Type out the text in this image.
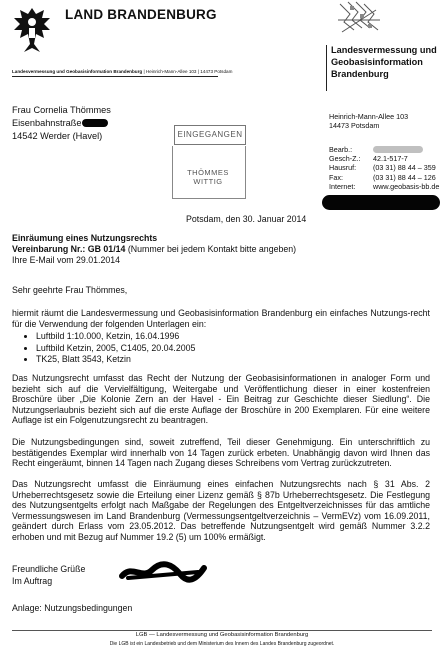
LAND BRANDENBURG
Landesvermessung und
Geobasisinformation
Brandenburg
Landesvermessung und Geobasisinformation Brandenburg | Heinrich-Mann-Allee 103 | 14473 Potsdam
Frau Cornelia Thömmes
Eisenbahnstraße
14542 Werder (Havel)	EINGEGANGEN
THÖMMES
WITTIG
Heinrich-Mann-Allee 103
14473 Potsdam
Bearb.:
Gesch-Z.:	42.1-517-7
Hausruf:	(03 31) 88 44 – 359
Fax:	(03 31) 88 44 – 126
Internet:	www.geobasis-bb.de
Potsdam, den 30. Januar 2014
Einräumung eines Nutzungsrechts
Vereinbarung Nr.: GB 01/14 (Nummer bei jedem Kontakt bitte angeben)
Ihre E-Mail vom 29.01.2014
Sehr geehrte Frau Thömmes,
hiermit räumt die Landesvermessung und Geobasisinformation Brandenburg ein einfaches Nutzungs-recht für die Verwendung der folgenden Unterlagen ein:
• Luftbild 1:10.000, Ketzin, 16.04.1996
• Luftbild Ketzin, 2005, C1405, 20.04.2005
• TK25, Blatt 3543, Ketzin
Das Nutzungsrecht umfasst das Recht der Nutzung der Geobasisinformationen in analoger Form und bezieht sich auf die Vervielfältigung, Weitergabe und Veröffentlichung dieser in einer kostenfreien Broschüre über „Die Kolonie Zern an der Havel - Ein Beitrag zur Geschichte dieser Siedlung“. Die Nutzungserlaubnis bezieht sich auf die erste Auflage der Broschüre in 200 Exemplaren. Für eine weitere Auflage ist ein Folgenutzungsrecht zu beantragen.
Die Nutzungsbedingungen sind, soweit zutreffend, Teil dieser Genehmigung. Ein unterschriftlich zu bestätigendes Exemplar wird innerhalb von 14 Tagen zurück erbeten. Unabhängig davon wird Ihnen das Recht eingeräumt, binnen 14 Tagen nach Zugang dieses Schreibens vom Vertrag zurückzutreten.
Das Nutzungsrecht umfasst die Einräumung eines einfachen Nutzungsrechts nach § 31 Abs. 2 Urheberrechtsgesetz sowie die Erteilung einer Lizenz gemäß § 87b Urheberrechtsgesetz. Die Festlegung des Nutzungsentgelts erfolgt nach Maßgabe der Regelungen des Entgeltverzeichnisses für das amtliche Vermessungswesen im Land Brandenburg (Vermessungsentgeltverzeichnis – VermEVz) vom 16.09.2011, geändert durch Erlass vom 23.05.2012. Das betreffende Nutzungsentgelt wird gemäß Nummer 3.2.2 erhoben und mit Bezug auf Nummer 19.2 (5) um 100% ermäßigt.
Freundliche Grüße
Im Auftrag
Anlage: Nutzungsbedingungen
LGB — Landesvermessung und Geobasisinformation Brandenburg
Die LGB ist ein Landesbetrieb und dem Ministerium des Innern des Landes Brandenburg zugeordnet.
